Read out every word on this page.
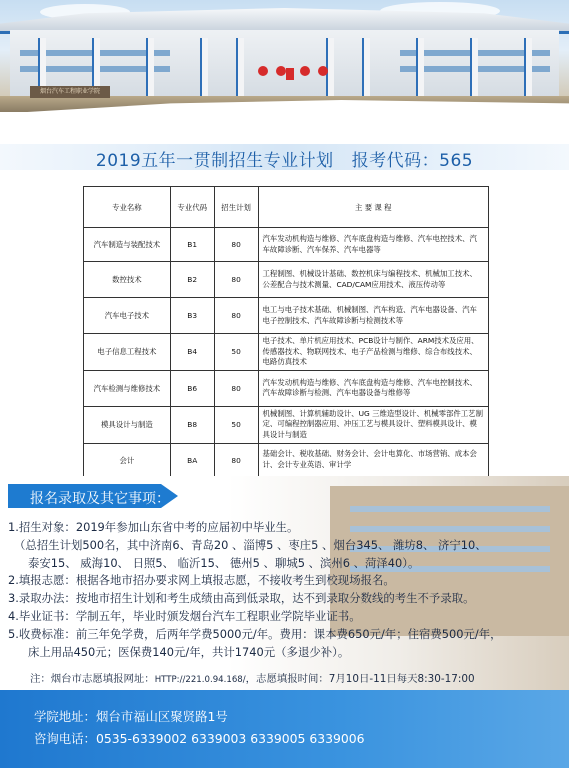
烟台汽车工程职业学院
2019五年一贯制招生专业计划 报考代码：565
专业名称	专业代码	招生计划	主 要 课 程
汽车制造与装配技术	B1	80	汽车发动机构造与维修、汽车底盘构造与维修、汽车电控技术、汽车故障诊断、汽车保养、汽车电器等
数控技术	B2	80	工程制图、机械设计基础、数控机床与编程技术、机械加工技术、公差配合与技术测量、CAD/CAM应用技术、液压传动等
汽车电子技术	B3	80	电工与电子技术基础、机械制图、汽车构造、汽车电器设备、汽车电子控制技术、汽车故障诊断与检测技术等
电子信息工程技术	B4	50	电子技术、单片机应用技术、PCB设计与制作、ARM技术及应用、传感器技术、物联网技术、电子产品检测与维修、综合布线技术、电路仿真技术
汽车检测与维修技术	B6	80	汽车发动机构造与维修、汽车底盘构造与维修、汽车电控制技术、汽车故障诊断与检测、汽车电器设备与维修等
模具设计与制造	B8	50	机械制图、计算机辅助设计、UG 三维造型设计、机械零部件工艺制定、可编程控制器应用、冲压工艺与模具设计、塑料模具设计、模具设计与制造
会计	BA	80	基础会计、税收基础、财务会计、会计电算化、市场营销、成本会计、会计专业英语、审计学
报名录取及其它事项：

1.招生对象：2019年参加山东省中考的应届初中毕业生。

（总招生计划500名，其中济南6、青岛20 、淄博5 、枣庄5 、烟台345、 潍坊8、 济宁10、

泰安15、 威海10、 日照5、 临沂15、 德州5 、聊城5 、滨州6 、菏泽40）。

2.填报志愿：根据各地市招办要求网上填报志愿，不接收考生到校现场报名。

3.录取办法：按地市招生计划和考生成绩由高到低录取，达不到录取分数线的考生不予录取。

4.毕业证书：学制五年，毕业时颁发烟台汽车工程职业学院毕业证书。

5.收费标准：前三年免学费，后两年学费5000元/年。费用：课本费650元/年；住宿费500元/年，

床上用品450元；医保费140元/年，共计1740元（多退少补）。

注：烟台市志愿填报网址：HTTP://221.0.94.168/，志愿填报时间：7月10日-11日每天8:30-17:00
学院地址：烟台市福山区聚贤路1号
咨询电话：0535-6339002 6339003 6339005 6339006
